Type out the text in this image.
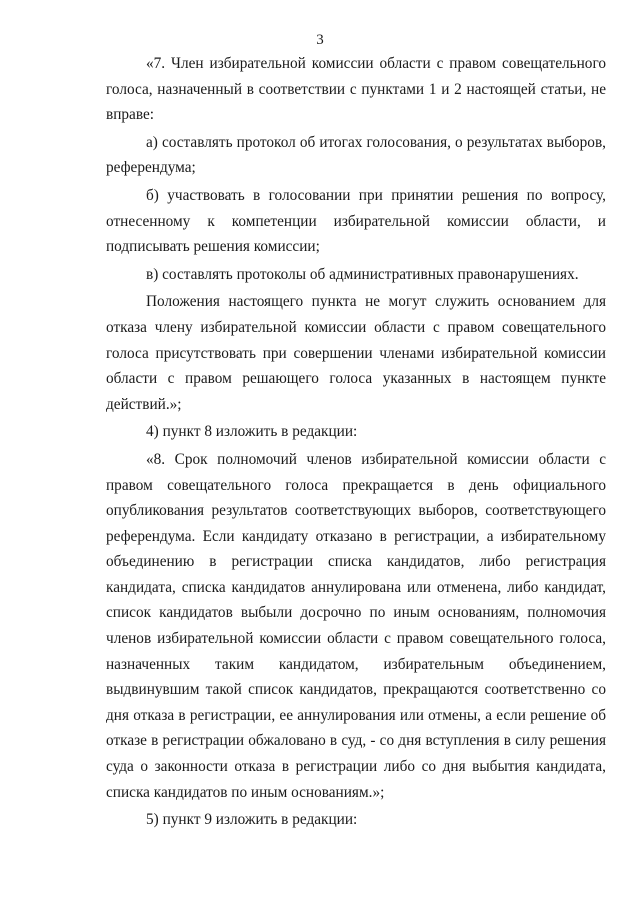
3

«7. Член избирательной комиссии области с правом совещательного голоса, назначенный в соответствии с пунктами 1 и 2 настоящей статьи, не вправе:

а) составлять протокол об итогах голосования, о результатах выборов, референдума;

б) участвовать в голосовании при принятии решения по вопросу, отнесенному к компетенции избирательной комиссии области, и подписывать решения комиссии;

в) составлять протоколы об административных правонарушениях.

Положения настоящего пункта не могут служить основанием для отказа члену избирательной комиссии области с правом совещательного голоса присутствовать при совершении членами избирательной комиссии области с правом решающего голоса указанных в настоящем пункте действий.»;

4) пункт 8 изложить в редакции:

«8. Срок полномочий членов избирательной комиссии области с правом совещательного голоса прекращается в день официального опубликования результатов соответствующих выборов, соответствующего референдума. Если кандидату отказано в регистрации, а избирательному объединению в регистрации списка кандидатов, либо регистрация кандидата, списка кандидатов аннулирована или отменена, либо кандидат, список кандидатов выбыли досрочно по иным основаниям, полномочия членов избирательной комиссии области с правом совещательного голоса, назначенных таким кандидатом, избирательным объединением, выдвинувшим такой список кандидатов, прекращаются соответственно со дня отказа в регистрации, ее аннулирования или отмены, а если решение об отказе в регистрации обжаловано в суд, - со дня вступления в силу решения суда о законности отказа в регистрации либо со дня выбытия кандидата, списка кандидатов по иным основаниям.»;

5) пункт 9 изложить в редакции:
